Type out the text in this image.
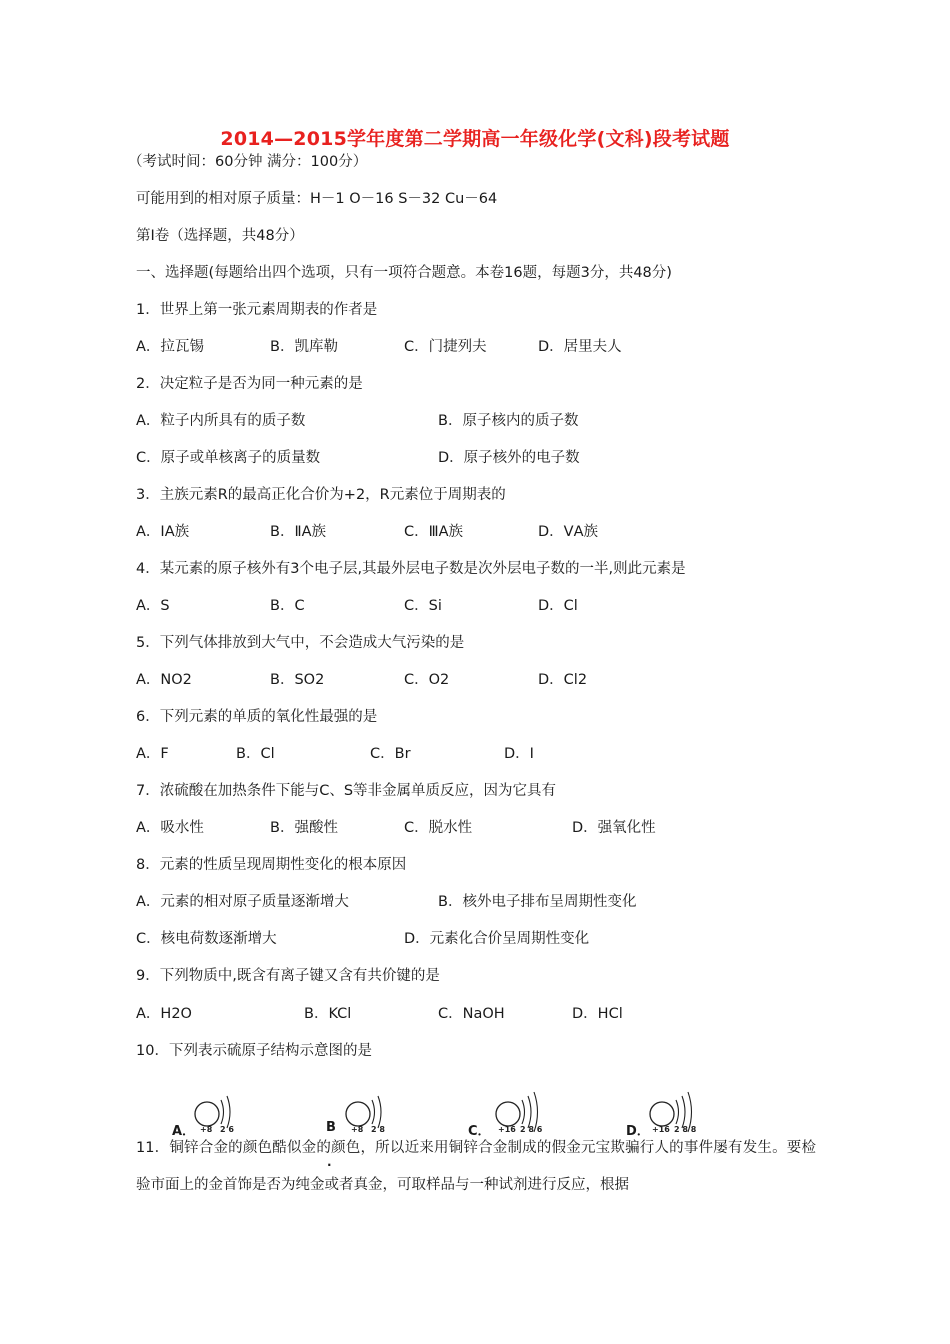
2014—2015学年度第二学期高一年级化学(文科)段考试题
（考试时间：60分钟 满分：100分）
可能用到的相对原子质量：H－1 O－16 S－32 Cu－64
第Ⅰ卷（选择题，共48分）
一、选择题(每题给出四个选项，只有一项符合题意。本卷16题，每题3分，共48分)
1．世界上第一张元素周期表的作者是
A．拉瓦锡	B．凯库勒	C．门捷列夫	D．居里夫人
2．决定粒子是否为同一种元素的是
A．粒子内所具有的质子数	B．原子核内的质子数
C．原子或单核离子的质量数	D．原子核外的电子数
3．主族元素R的最高正化合价为+2，R元素位于周期表的
A．ⅠA族	B．ⅡA族	C．ⅢA族	D．ⅤA族
4．某元素的原子核外有3个电子层,其最外层电子数是次外层电子数的一半,则此元素是
A．S	B．C	C．Si	D．Cl
5．下列气体排放到大气中，不会造成大气污染的是
A．NO2	B．SO2	C．O2	D．Cl2
6．下列元素的单质的氧化性最强的是
A．F	B．Cl	C．Br	D．I
7．浓硫酸在加热条件下能与C、S等非金属单质反应，因为它具有
A．吸水性	B．强酸性	C．脱水性	D．强氧化性
8．元素的性质呈现周期性变化的根本原因
A．元素的相对原子质量逐渐增大	B．核外电子排布呈周期性变化
C．核电荷数逐渐增大	D．元素化合价呈周期性变化
9．下列物质中,既含有离子键又含有共价键的是
A．H2O	B．KCl	C．NaOH	D．HCl
10．下列表示硫原子结构示意图的是
A． +8 2 6	B +8 2 8	C． +16 2 8 6	D． +16 2 8 8
·
11．铜锌合金的颜色酷似金的颜色，所以近来用铜锌合金制成的假金元宝欺骗行人的事件屡有发生。要检验市面上的金首饰是否为纯金或者真金，可取样品与一种试剂进行反应，根据
